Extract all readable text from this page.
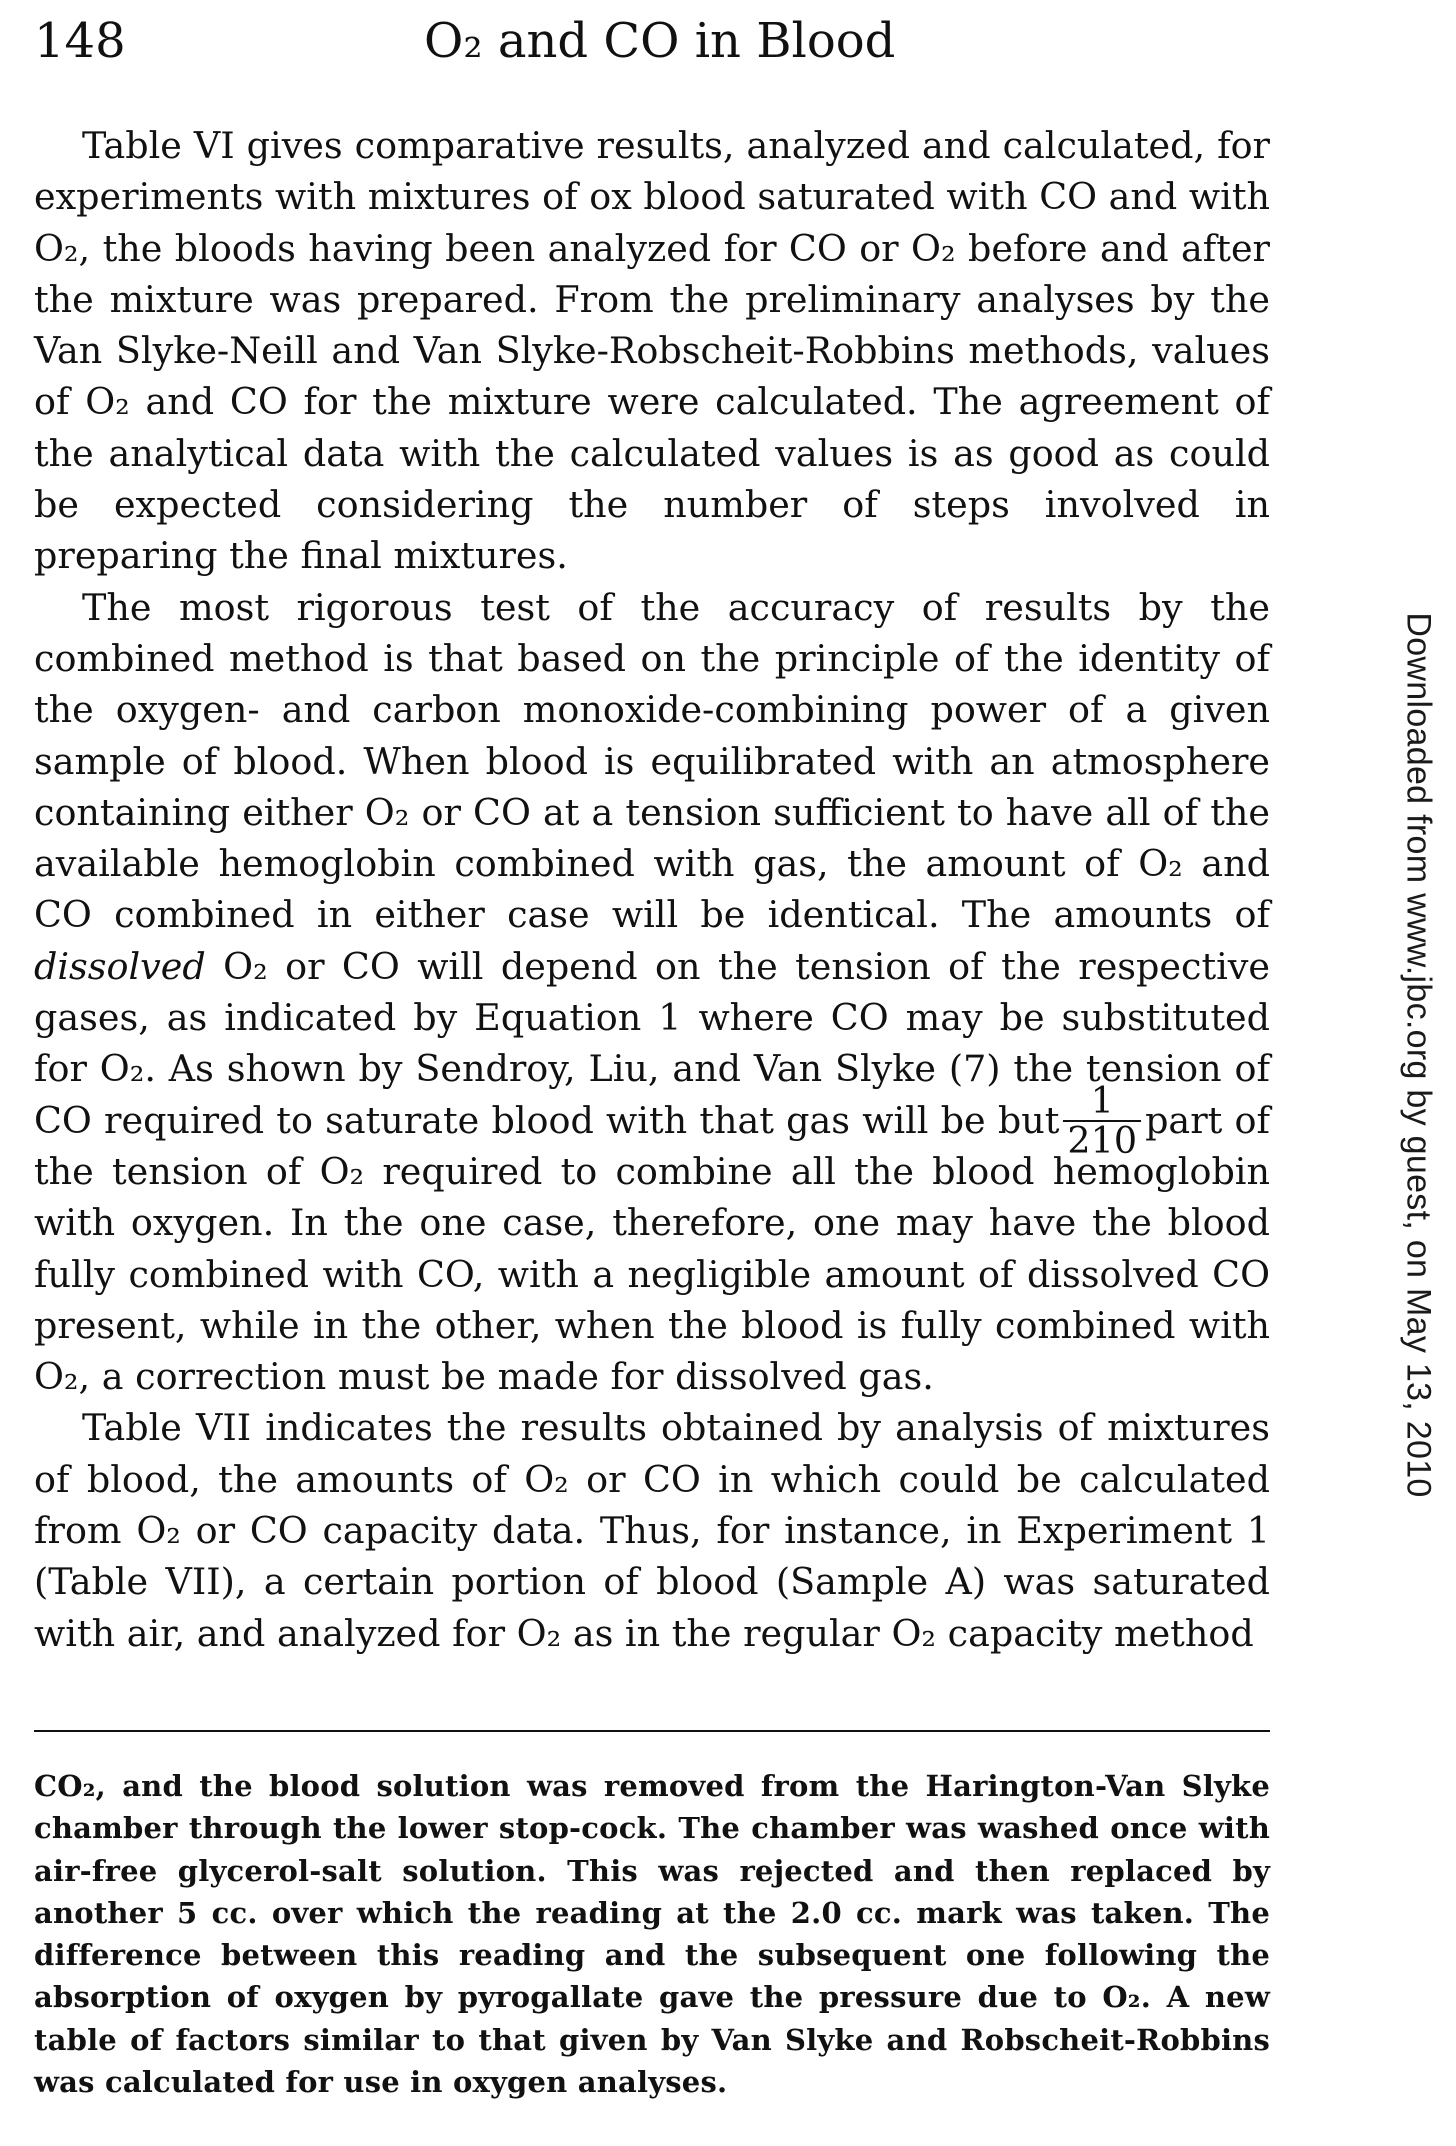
148	O₂ and CO in Blood

Table VI gives comparative results, analyzed and calculated, for experiments with mixtures of ox blood saturated with CO and with O₂, the bloods having been analyzed for CO or O₂ before and after the mixture was prepared. From the preliminary analyses by the Van Slyke-Neill and Van Slyke-Robscheit-Robbins methods, values of O₂ and CO for the mixture were calculated. The agreement of the analytical data with the calculated values is as good as could be expected considering the number of steps involved in preparing the final mixtures.

The most rigorous test of the accuracy of results by the combined method is that based on the principle of the identity of the oxygen- and carbon monoxide-combining power of a given sample of blood. When blood is equilibrated with an atmosphere containing either O₂ or CO at a tension sufficient to have all of the available hemoglobin combined with gas, the amount of O₂ and CO combined in either case will be identical. The amounts of dissolved O₂ or CO will depend on the tension of the respective gases, as indicated by Equation 1 where CO may be substituted for O₂. As shown by Sendroy, Liu, and Van Slyke (7) the tension of CO required to saturate blood with that gas will be but $\frac{1}{210}$ part of the tension of O₂ required to combine all the blood hemoglobin with oxygen. In the one case, therefore, one may have the blood fully combined with CO, with a negligible amount of dissolved CO present, while in the other, when the blood is fully combined with O₂, a correction must be made for dissolved gas.

Table VII indicates the results obtained by analysis of mixtures of blood, the amounts of O₂ or CO in which could be calculated from O₂ or CO capacity data. Thus, for instance, in Experiment 1 (Table VII), a certain portion of blood (Sample A) was saturated with air, and analyzed for O₂ as in the regular O₂ capacity method

CO₂, and the blood solution was removed from the Harington-Van Slyke chamber through the lower stop-cock. The chamber was washed once with air-free glycerol-salt solution. This was rejected and then replaced by another 5 cc. over which the reading at the 2.0 cc. mark was taken. The difference between this reading and the subsequent one following the absorption of oxygen by pyrogallate gave the pressure due to O₂. A new table of factors similar to that given by Van Slyke and Robscheit-Robbins was calculated for use in oxygen analyses.

Downloaded from www.jbc.org by guest, on May 13, 2010
